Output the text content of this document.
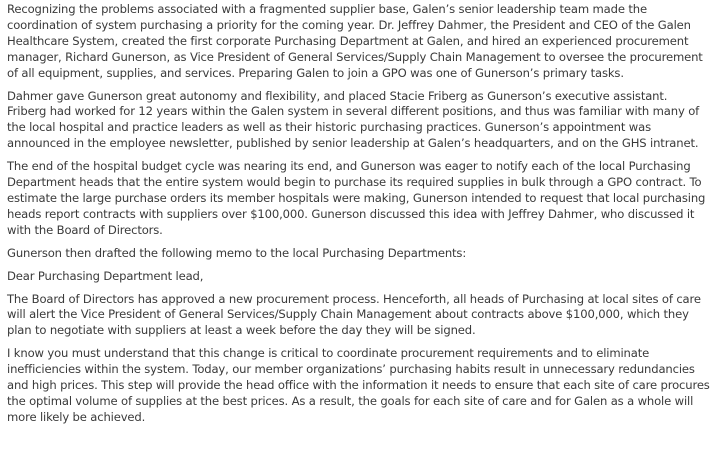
Recognizing the problems associated with a fragmented supplier base, Galen’s senior leadership team made the coordination of system purchasing a priority for the coming year. Dr. Jeffrey Dahmer, the President and CEO of the Galen Healthcare System, created the first corporate Purchasing Department at Galen, and hired an experienced procurement manager, Richard Gunerson, as Vice President of General Services/Supply Chain Management to oversee the procurement of all equipment, supplies, and services. Preparing Galen to join a GPO was one of Gunerson’s primary tasks.

Dahmer gave Gunerson great autonomy and flexibility, and placed Stacie Friberg as Gunerson’s executive assistant. Friberg had worked for 12 years within the Galen system in several different positions, and thus was familiar with many of the local hospital and practice leaders as well as their historic purchasing practices. Gunerson’s appointment was announced in the employee newsletter, published by senior leadership at Galen’s headquarters, and on the GHS intranet.

The end of the hospital budget cycle was nearing its end, and Gunerson was eager to notify each of the local Purchasing Department heads that the entire system would begin to purchase its required supplies in bulk through a GPO contract. To estimate the large purchase orders its member hospitals were making, Gunerson intended to request that local purchasing heads report contracts with suppliers over $100,000. Gunerson discussed this idea with Jeffrey Dahmer, who discussed it with the Board of Directors.

Gunerson then drafted the following memo to the local Purchasing Departments:

Dear Purchasing Department lead,

The Board of Directors has approved a new procurement process. Henceforth, all heads of Purchasing at local sites of care will alert the Vice President of General Services/Supply Chain Management about contracts above $100,000, which they plan to negotiate with suppliers at least a week before the day they will be signed.

I know you must understand that this change is critical to coordinate procurement requirements and to eliminate inefficiencies within the system. Today, our member organizations’ purchasing habits result in unnecessary redundancies and high prices. This step will provide the head office with the information it needs to ensure that each site of care procures the optimal volume of supplies at the best prices. As a result, the goals for each site of care and for Galen as a whole will more likely be achieved.
